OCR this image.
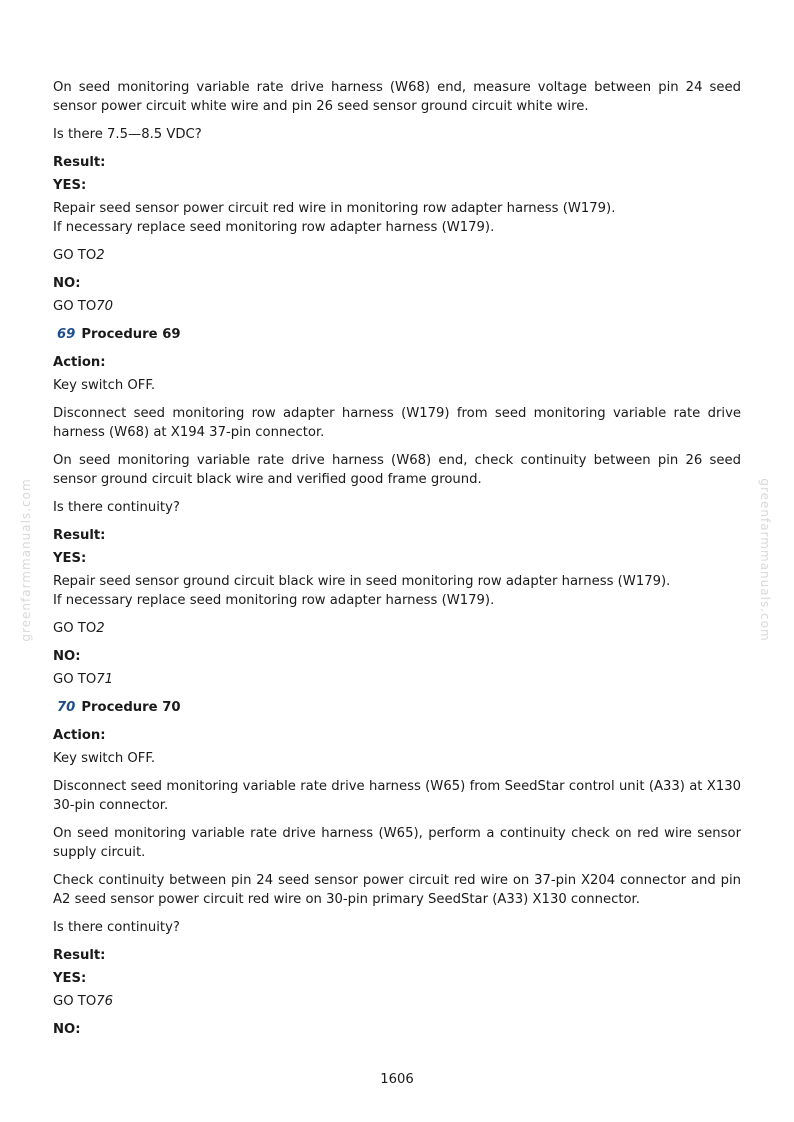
greenfarmmanuals.com	greenfarmmanuals.com

On seed monitoring variable rate drive harness (W68) end, measure voltage between pin 24 seed sensor power circuit white wire and pin 26 seed sensor ground circuit white wire.

Is there 7.5—8.5 VDC?

Result:
YES:
Repair seed sensor power circuit red wire in monitoring row adapter harness (W179).

If necessary replace seed monitoring row adapter harness (W179).

GO TO2
NO:
GO TO70
69 Procedure 69
Action:

Key switch OFF.

Disconnect seed monitoring row adapter harness (W179) from seed monitoring variable rate drive harness (W68) at X194 37-pin connector.

On seed monitoring variable rate drive harness (W68) end, check continuity between pin 26 seed sensor ground circuit black wire and verified good frame ground.

Is there continuity?

Result:
YES:
Repair seed sensor ground circuit black wire in seed monitoring row adapter harness (W179).

If necessary replace seed monitoring row adapter harness (W179).

GO TO2
NO:
GO TO71
70 Procedure 70
Action:

Key switch OFF.

Disconnect seed monitoring variable rate drive harness (W65) from SeedStar control unit (A33) at X130 30-pin connector.

On seed monitoring variable rate drive harness (W65), perform a continuity check on red wire sensor supply circuit.

Check continuity between pin 24 seed sensor power circuit red wire on 37-pin X204 connector and pin A2 seed sensor power circuit red wire on 30-pin primary SeedStar (A33) X130 connector.

Is there continuity?

Result:
YES:
GO TO76
NO:
1606
